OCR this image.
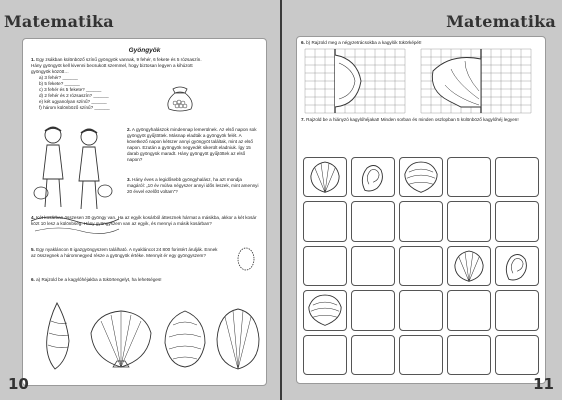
Matematika
Gyöngyök
1. Egy zsákban különböző színű gyöngyök vannak, 9 fehér, 6 fekete és 5 rózsaszín. Hány gyöngyöt kell kivenni becsukott szemmel, hogy biztosan legyen a kihúzott gyöngyök között…
a) 3 fehér? ______
b) 5 fekete? ______
c) 3 fehér és 5 fekete? ______
d) 2 fehér és 2 rózsaszín? ______
e) két ugyanolyan színű? ______
f) három különböző színű? ______
2. A gyöngyhalászok mindennap lemerülnek. Az első napon sok gyöngyöt gyűjtöttek. Másnap eladták a gyöngyök felét. A következő napon kétszer annyi gyöngyöt találtak, mint az első napon. Ezután a gyöngyök negyedét sikerült eladniuk. Így 15 darab gyöngyük maradt. Hány gyöngyöt gyűjtöttek az első napon?
3. Hány éves a legidősebb gyöngyhalász, ha azt mondja magáról: „10 év múlva négyszer annyi idős leszek, mint amennyi 20 évvel ezelőtt voltam”?
4. Két kosárban összesen 30 gyöngy van. Ha az egyik kosárból áttesznek hármat a másikba, akkor a két kosár közt 10 lesz a különbség. Hány gyöngyszem van az egyik, és mennyi a másik kosárban?
5. Egy nyakláncon 8 igazgyöngyszem található. A nyakláncot 24 800 forintért árulják. Ennek az összegnek a háromnegyed része a gyöngyök értéke. Mennyit ér egy gyöngyszem?
6. a) Rajzold be a kagylóhéjakba a tükörtengelyt, ha lehetséges!
10
Matematika
6. b) Rajzold meg a négyzetrácsokba a kagylók tükörképét!
7. Rajzold be a hiányzó kagylóhéjakat! Minden sorban és minden oszlopban 5 különböző kagylóhéj legyen!
11
